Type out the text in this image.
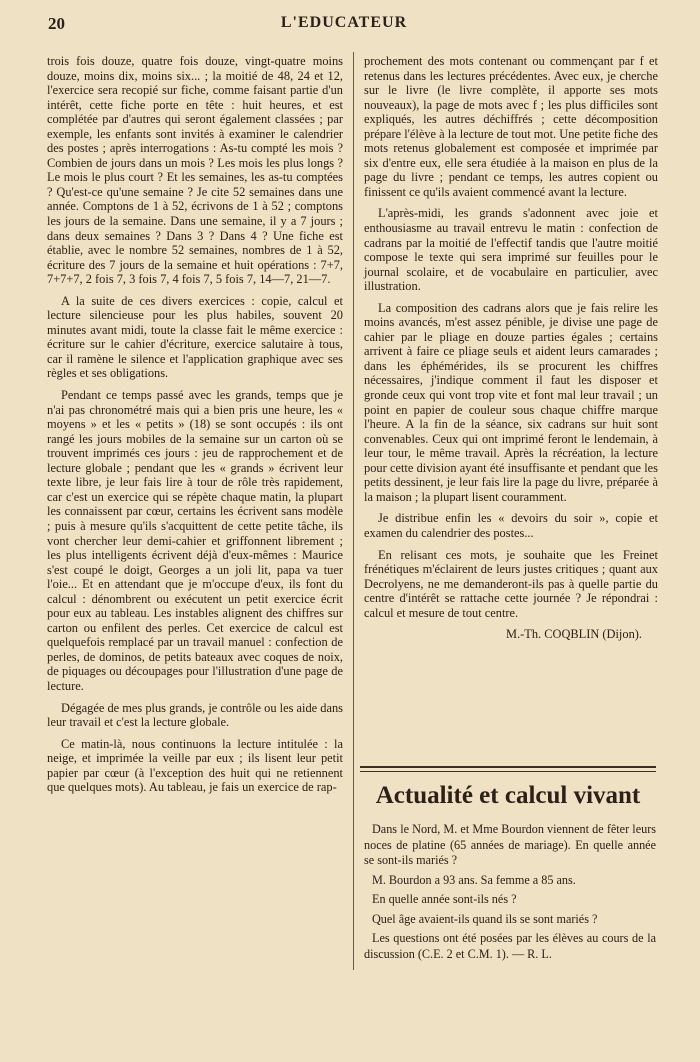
20	L'EDUCATEUR

trois fois douze, quatre fois douze, vingt-quatre moins douze, moins dix, moins six... ; la moitié de 48, 24 et 12, l'exercice sera recopié sur fiche, comme faisant partie d'un intérêt, cette fiche porte en tête : huit heures, et est complétée par d'autres qui seront également classées ; par exemple, les enfants sont invités à examiner le calendrier des postes ; après interrogations : As-tu compté les mois ? Combien de jours dans un mois ? Les mois les plus longs ? Le mois le plus court ? Et les semaines, les as-tu comptées ? Qu'est-ce qu'une semaine ? Je cite 52 semaines dans une année. Comptons de 1 à 52, écrivons de 1 à 52 ; comptons les jours de la semaine. Dans une semaine, il y a 7 jours ; dans deux semaines ? Dans 3 ? Dans 4 ? Une fiche est établie, avec le nombre 52 semaines, nombres de 1 à 52, écriture des 7 jours de la semaine et huit opérations : 7+7, 7+7+7, 2 fois 7, 3 fois 7, 4 fois 7, 5 fois 7, 14—7, 21—7.

A la suite de ces divers exercices : copie, calcul et lecture silencieuse pour les plus habiles, souvent 20 minutes avant midi, toute la classe fait le même exercice : écriture sur le cahier d'écriture, exercice salutaire à tous, car il ramène le silence et l'application graphique avec ses règles et ses obligations.

Pendant ce temps passé avec les grands, temps que je n'ai pas chronométré mais qui a bien pris une heure, les « moyens » et les « petits » (18) se sont occupés : ils ont rangé les jours mobiles de la semaine sur un carton où se trouvent imprimés ces jours : jeu de rapprochement et de lecture globale ; pendant que les « grands » écrivent leur texte libre, je leur fais lire à tour de rôle très rapidement, car c'est un exercice qui se répète chaque matin, la plupart les connaissent par cœur, certains les écrivent sans modèle ; puis à mesure qu'ils s'acquittent de cette petite tâche, ils vont chercher leur demi-cahier et griffonnent librement ; les plus intelligents écrivent déjà d'eux-mêmes : Maurice s'est coupé le doigt, Georges a un joli lit, papa va tuer l'oie... Et en attendant que je m'occupe d'eux, ils font du calcul : dénombrent ou exécutent un petit exercice écrit pour eux au tableau. Les instables alignent des chiffres sur carton ou enfilent des perles. Cet exercice de calcul est quelquefois remplacé par un travail manuel : confection de perles, de dominos, de petits bateaux avec coques de noix, de piquages ou découpages pour l'illustration d'une page de lecture.

Dégagée de mes plus grands, je contrôle ou les aide dans leur travail et c'est la lecture globale.

Ce matin-là, nous continuons la lecture intitulée : la neige, et imprimée la veille par eux ; ils lisent leur petit papier par cœur (à l'exception des huit qui ne retiennent que quelques mots). Au tableau, je fais un exercice de rap-

prochement des mots contenant ou commençant par f et retenus dans les lectures précédentes. Avec eux, je cherche sur le livre (le livre complète, il apporte ses mots nouveaux), la page de mots avec f ; les plus difficiles sont expliqués, les autres déchiffrés ; cette décomposition prépare l'élève à la lecture de tout mot. Une petite fiche des mots retenus globalement est composée et imprimée par six d'entre eux, elle sera étudiée à la maison en plus de la page du livre ; pendant ce temps, les autres copient ou finissent ce qu'ils avaient commencé avant la lecture.

L'après-midi, les grands s'adonnent avec joie et enthousiasme au travail entrevu le matin : confection de cadrans par la moitié de l'effectif tandis que l'autre moitié compose le texte qui sera imprimé sur feuilles pour le journal scolaire, et de vocabulaire en particulier, avec illustration.

La composition des cadrans alors que je fais relire les moins avancés, m'est assez pénible, je divise une page de cahier par le pliage en douze parties égales ; certains arrivent à faire ce pliage seuls et aident leurs camarades ; dans les éphémérides, ils se procurent les chiffres nécessaires, j'indique comment il faut les disposer et gronde ceux qui vont trop vite et font mal leur travail ; un point en papier de couleur sous chaque chiffre marque l'heure. A la fin de la séance, six cadrans sur huit sont convenables. Ceux qui ont imprimé feront le lendemain, à leur tour, le même travail. Après la récréation, la lecture pour cette division ayant été insuffisante et pendant que les petits dessinent, je leur fais lire la page du livre, préparée à la maison ; la plupart lisent couramment.

Je distribue enfin les « devoirs du soir », copie et examen du calendrier des postes...

En relisant ces mots, je souhaite que les Freinet frénétiques m'éclairent de leurs justes critiques ; quant aux Decrolyens, ne me demanderont-ils pas à quelle partie du centre d'intérêt se rattache cette journée ? Je répondrai : calcul et mesure de tout centre.

M.-Th. COQBLIN (Dijon).

Actualité et calcul vivant

Dans le Nord, M. et Mme Bourdon viennent de fêter leurs noces de platine (65 années de mariage). En quelle année se sont-ils mariés ?

M. Bourdon a 93 ans. Sa femme a 85 ans.

En quelle année sont-ils nés ?

Quel âge avaient-ils quand ils se sont mariés ?

Les questions ont été posées par les élèves au cours de la discussion (C.E. 2 et C.M. 1). — R. L.
